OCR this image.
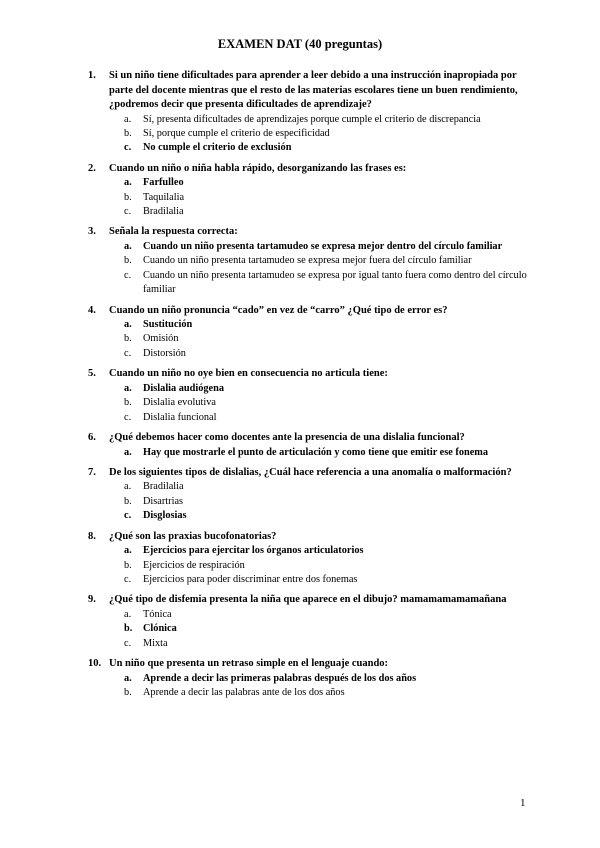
EXAMEN DAT (40 preguntas)
1.	Si un niño tiene dificultades para aprender a leer debido a una instrucción inapropiada por parte del docente mientras que el resto de las materias escolares tiene un buen rendimiento, ¿podremos decir que presenta dificultades de aprendizaje?
a.	Sí, presenta dificultades de aprendizajes porque cumple el criterio de discrepancia
b.	Sí, porque cumple el criterio de especificidad
c.	No cumple el criterio de exclusión
2.	Cuando un niño o niña habla rápido, desorganizando las frases es:
a.	Farfulleo
b.	Taquilalia
c.	Bradilalia
3.	Señala la respuesta correcta:
a.	Cuando un niño presenta tartamudeo se expresa mejor dentro del círculo familiar
b.	Cuando un niño presenta tartamudeo se expresa mejor fuera del círculo familiar
c.	Cuando un niño presenta tartamudeo se expresa por igual tanto fuera como dentro del círculo familiar
4.	Cuando un niño pronuncia “cado” en vez de “carro” ¿Qué tipo de error es?
a.	Sustitución
b.	Omisión
c.	Distorsión
5.	Cuando un niño no oye bien en consecuencia no articula tiene:
a.	Dislalia audiógena
b.	Dislalia evolutiva
c.	Dislalia funcional
6.	¿Qué debemos hacer como docentes ante la presencia de una dislalia funcional?
a.	Hay que mostrarle el punto de articulación y como tiene que emitir ese fonema
7.	De los siguientes tipos de dislalias, ¿Cuál hace referencia a una anomalía o malformación?
a.	Bradilalia
b.	Disartrias
c.	Disglosias
8.	¿Qué son las praxias bucofonatorias?
a.	Ejercicios para ejercitar los órganos articulatorios
b.	Ejercicios de respiración
c.	Ejercicios para poder discriminar entre dos fonemas
9.	¿Qué tipo de disfemia presenta la niña que aparece en el dibujo? mamamamamamañana
a.	Tónica
b.	Clónica
c.	Mixta
10. Un niño que presenta un retraso simple en el lenguaje cuando:
a.	Aprende a decir las primeras palabras después de los dos años
b.	Aprende a decir las palabras ante de los dos años
1
